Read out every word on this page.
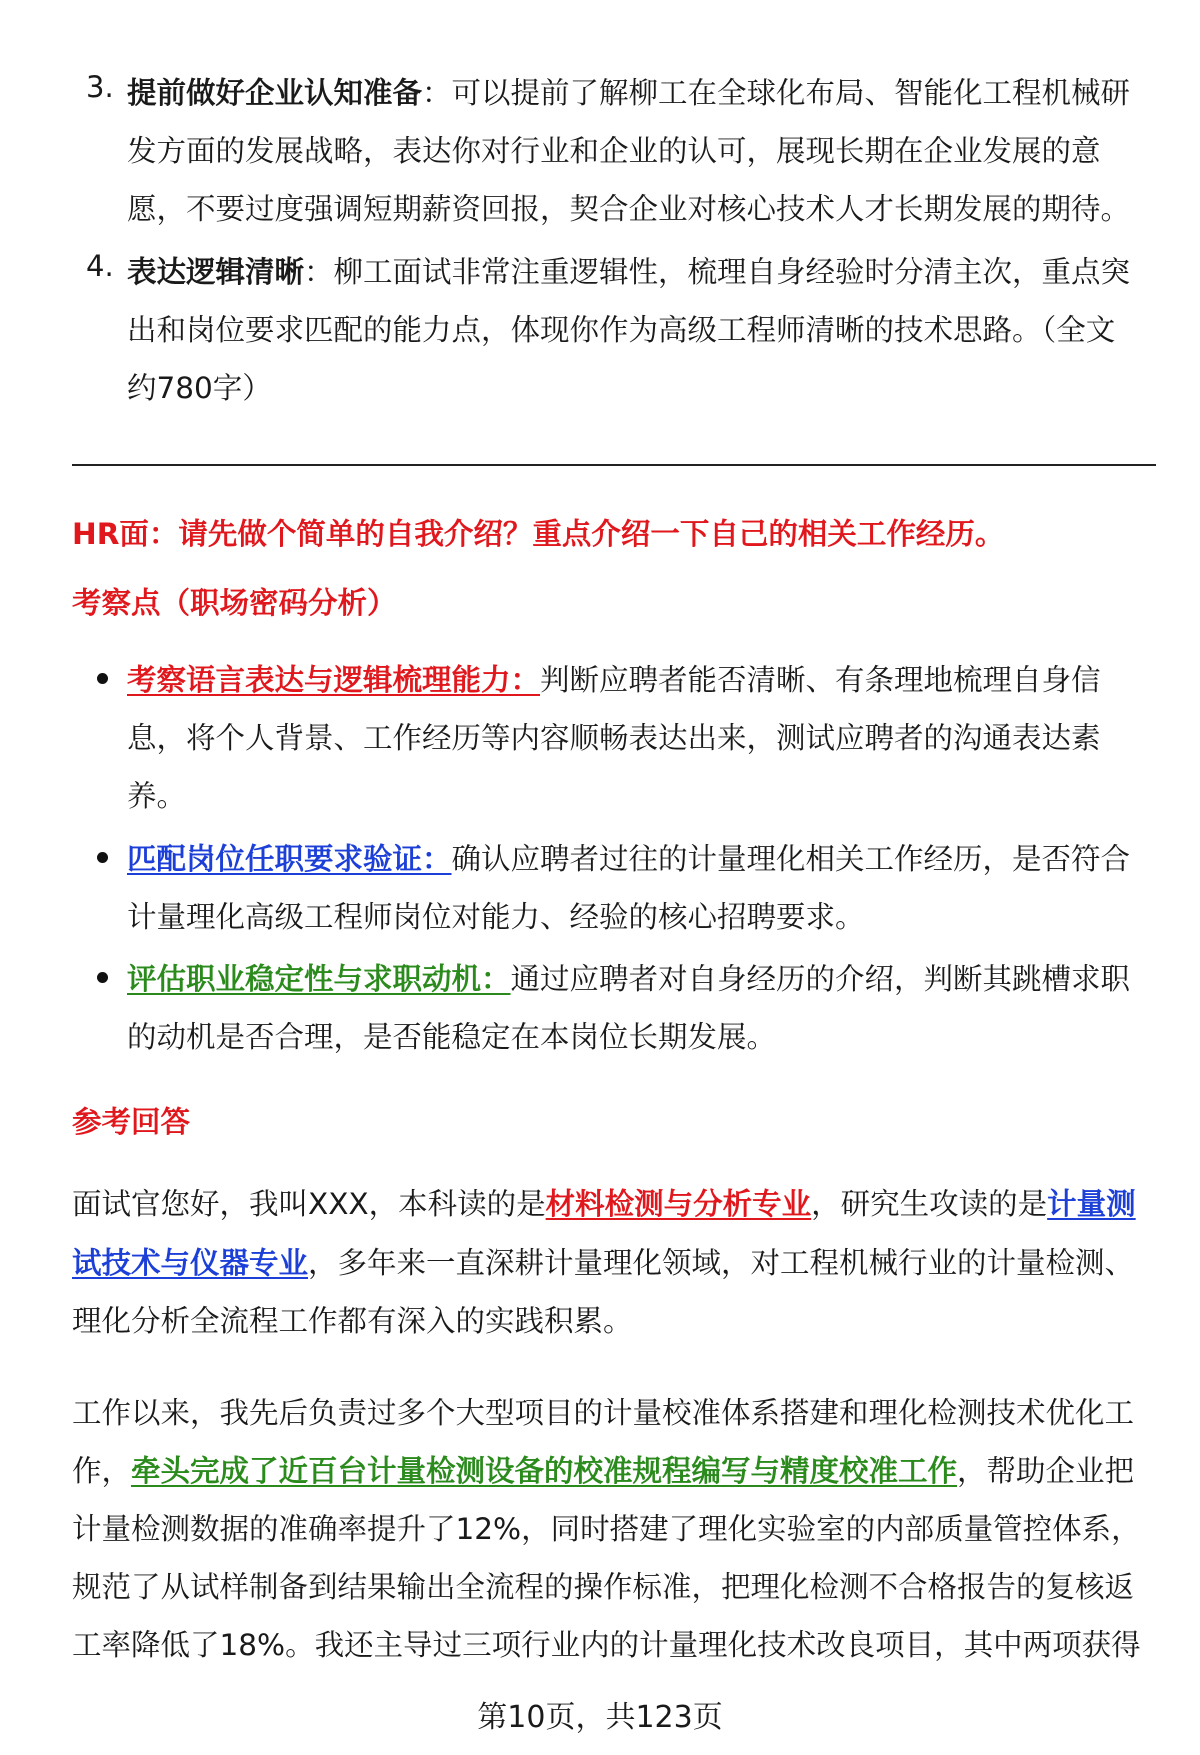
3. 提前做好企业认知准备：可以提前了解柳工在全球化布局、智能化工程机械研
发方面的发展战略，表达你对行业和企业的认可，展现长期在企业发展的意
愿，不要过度强调短期薪资回报，契合企业对核心技术人才长期发展的期待。
4. 表达逻辑清晰：柳工面试非常注重逻辑性，梳理自身经验时分清主次，重点突
出和岗位要求匹配的能力点，体现你作为高级工程师清晰的技术思路。（全文
约780字）
HR面：请先做个简单的自我介绍？重点介绍一下自己的相关工作经历。
考察点（职场密码分析）
考察语言表达与逻辑梳理能力：判断应聘者能否清晰、有条理地梳理自身信
息，将个人背景、工作经历等内容顺畅表达出来，测试应聘者的沟通表达素
养。
匹配岗位任职要求验证：确认应聘者过往的计量理化相关工作经历，是否符合
计量理化高级工程师岗位对能力、经验的核心招聘要求。
评估职业稳定性与求职动机：通过应聘者对自身经历的介绍，判断其跳槽求职
的动机是否合理，是否能稳定在本岗位长期发展。
参考回答
面试官您好，我叫XXX，本科读的是材料检测与分析专业，研究生攻读的是计量测
试技术与仪器专业，多年来一直深耕计量理化领域，对工程机械行业的计量检测、
理化分析全流程工作都有深入的实践积累。
工作以来，我先后负责过多个大型项目的计量校准体系搭建和理化检测技术优化工
作，牵头完成了近百台计量检测设备的校准规程编写与精度校准工作，帮助企业把
计量检测数据的准确率提升了12%，同时搭建了理化实验室的内部质量管控体系，
规范了从试样制备到结果输出全流程的操作标准，把理化检测不合格报告的复核返
工率降低了18%。我还主导过三项行业内的计量理化技术改良项目，其中两项获得
第10页，共123页
